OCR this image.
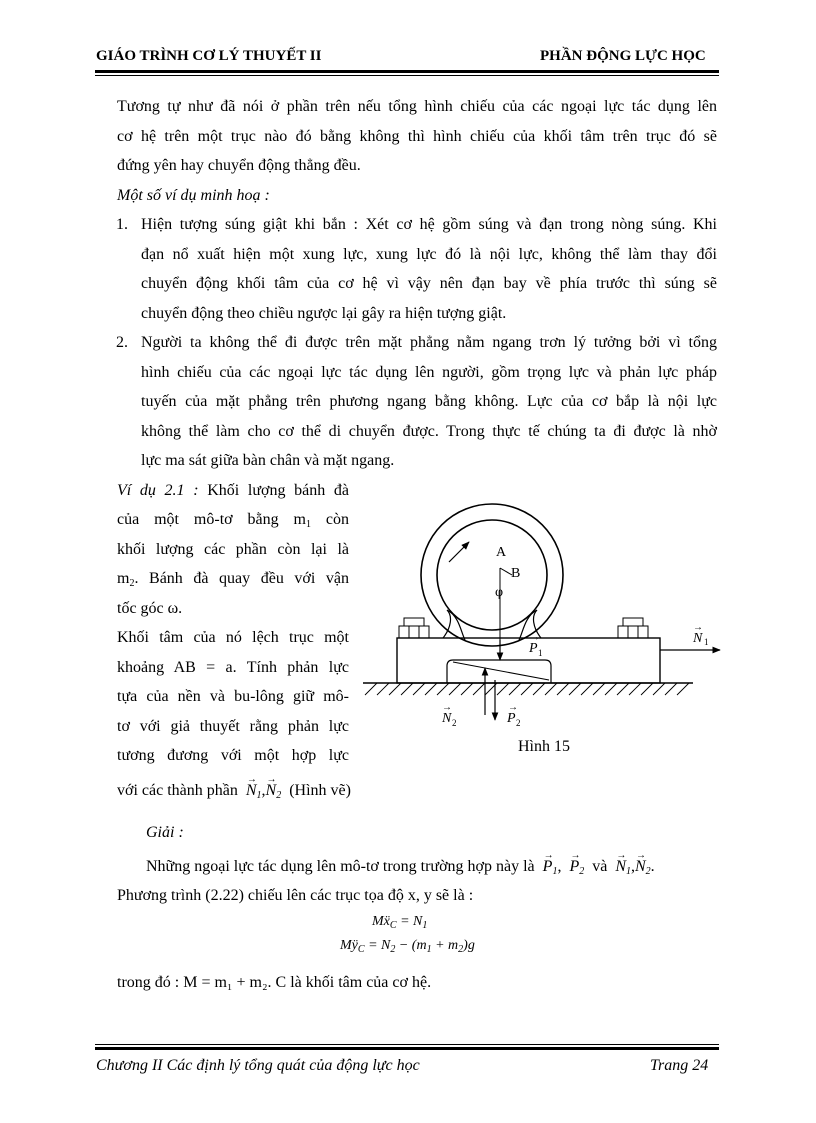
GIÁO TRÌNH CƠ LÝ THUYẾT II	PHẦN ĐỘNG LỰC HỌC
Tương tự như đã nói ở phần trên nếu tổng hình chiếu của các ngoại lực tác dụng lên
cơ hệ trên một trục nào đó bằng không thì hình chiếu của khối tâm trên trục đó sẽ
đứng yên hay chuyển động thẳng đều.
Một số ví dụ minh hoạ :
1. Hiện tượng súng giật khi bắn : Xét cơ hệ gồm súng và đạn trong nòng súng. Khi
đạn nổ xuất hiện một xung lực, xung lực đó là nội lực, không thể làm thay đổi
chuyển động khối tâm của cơ hệ vì vậy nên đạn bay về phía trước thì súng sẽ
chuyển động theo chiều ngược lại gây ra hiện tượng giật.
2. Người ta không thể đi được trên mặt phẳng nằm ngang trơn lý tưởng bởi vì tổng
hình chiếu của các ngoại lực tác dụng lên người, gồm trọng lực và phản lực pháp
tuyến của mặt phẳng trên phương ngang bằng không. Lực của cơ bắp là nội lực
không thể làm cho cơ thể di chuyển được. Trong thực tế chúng ta đi được là nhờ
lực ma sát giữa bàn chân và mặt ngang.
Ví dụ 2.1 : Khối lượng bánh đà
của một mô-tơ bằng $m_1$ còn
khối lượng các phần còn lại là
$m_2$. Bánh đà quay đều với vận
tốc góc ω.
Khối tâm của nó lệch trục một
khoảng AB = a. Tính phản lực
tựa của nền và bu-lông giữ mô-
tơ với giả thuyết rằng phản lực
tương đương với một hợp lực
với các thành phần → $N_1,\to N_2$ (Hình vẽ)
A
B
φ
N 1
→
P 1
→
N 2
→
P 2
→
Hình 15
Giải :
Những ngoại lực tác dụng lên mô-tơ trong trường hợp này là → $P_1$,  → $P_2$ và → $N_1,\to N_2$.
Phương trình (2.22) chiếu lên các trục tọa độ x, y sẽ là :
Mẍ$_C$ = $N_1$
$Mÿ_C = N_2 - (m_1 + m_2)g$
trong đó : M = m₁ + m₂. C là khối tâm của cơ hệ.
Chương II Các định lý tổng quát của động lực học	Trang 24
